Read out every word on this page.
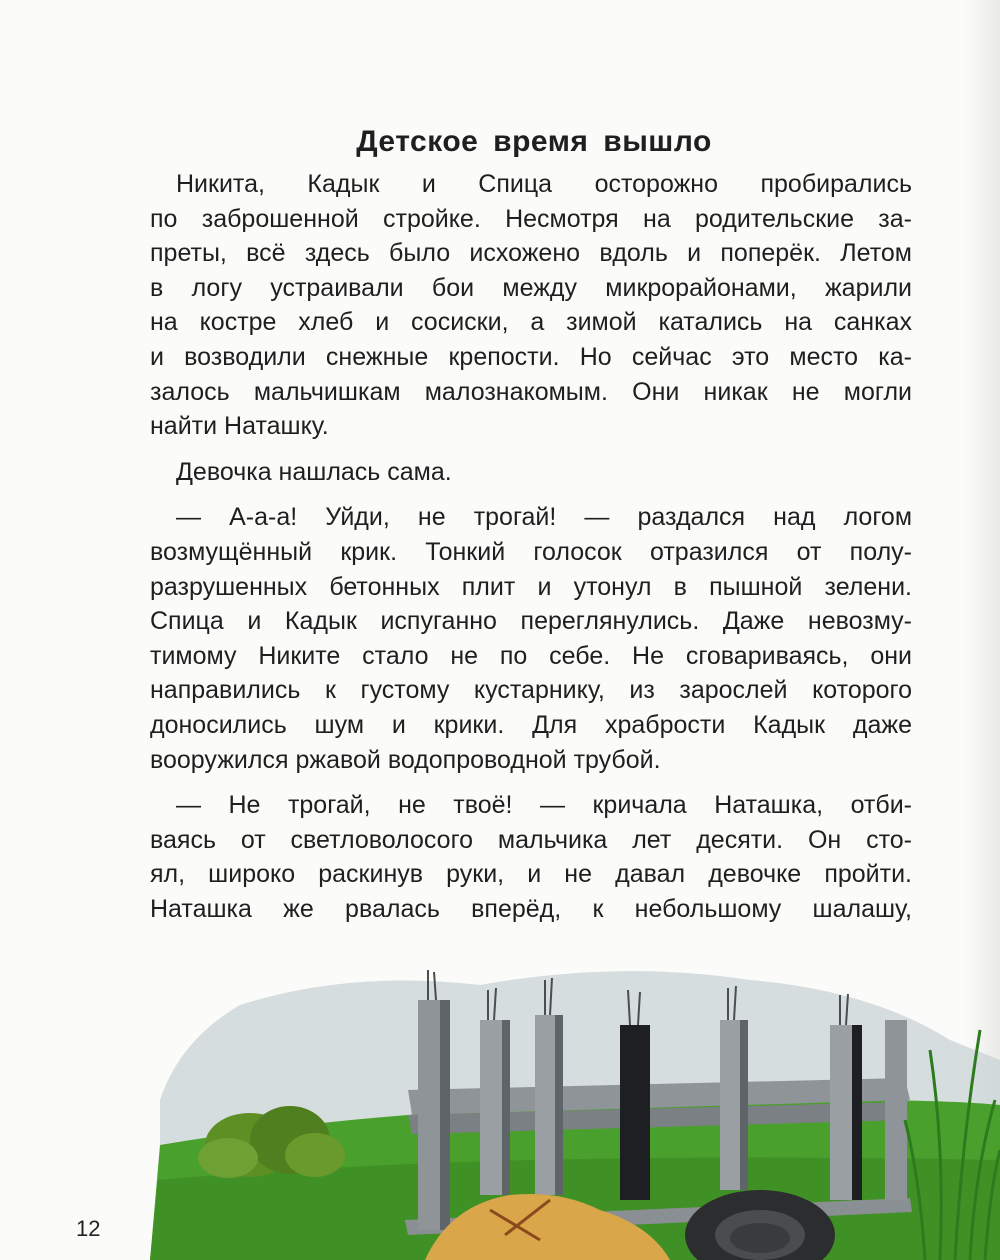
Детское время вышло

Никита, Кадык и Спица осторожно пробирались

по заброшенной стройке. Несмотря на родительские за-

преты, всё здесь было исхожено вдоль и поперёк. Летом

в логу устраивали бои между микрорайонами, жарили

на костре хлеб и сосиски, а зимой катались на санках

и возводили снежные крепости. Но сейчас это место ка-

залось мальчишкам малознакомым. Они никак не могли

найти Наташку.

Девочка нашлась сама.

— А-а-а! Уйди, не трогай! — раздался над логом

возмущённый крик. Тонкий голосок отразился от полу-

разрушенных бетонных плит и утонул в пышной зелени.

Спица и Кадык испуганно переглянулись. Даже невозму-

тимому Никите стало не по себе. Не сговариваясь, они

направились к густому кустарнику, из зарослей которого

доносились шум и крики. Для храбрости Кадык даже

вооружился ржавой водопроводной трубой.

— Не трогай, не твоё! — кричала Наташка, отби-

ваясь от светловолосого мальчика лет десяти. Он сто-

ял, широко раскинув руки, и не давал девочке пройти.

Наташка же рвалась вперёд, к небольшому шалашу,

12
